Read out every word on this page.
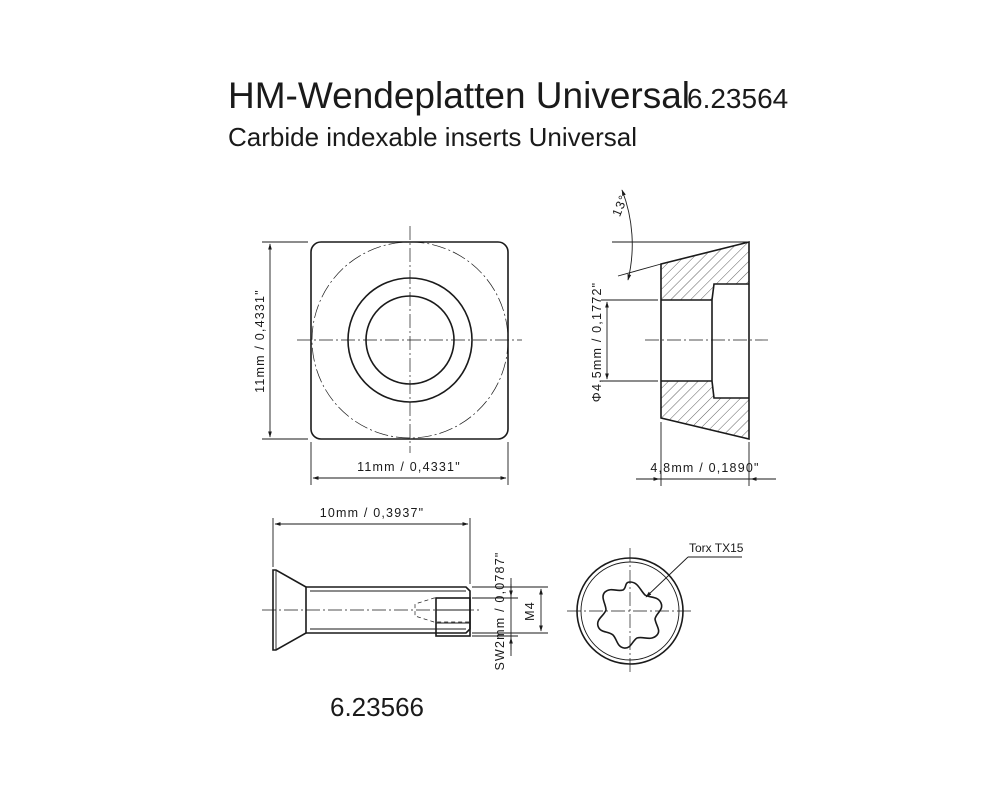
HM-Wendeplatten Universal
Carbide indexable inserts Universal
6.23564
11mm / 0,4331"
11mm / 0,4331"
13°
Φ4,5mm / 0,1772"
4,8mm / 0,1890"
10mm / 0,3937"
SW2mm / 0,0787" M4
Torx TX15
6.23566
